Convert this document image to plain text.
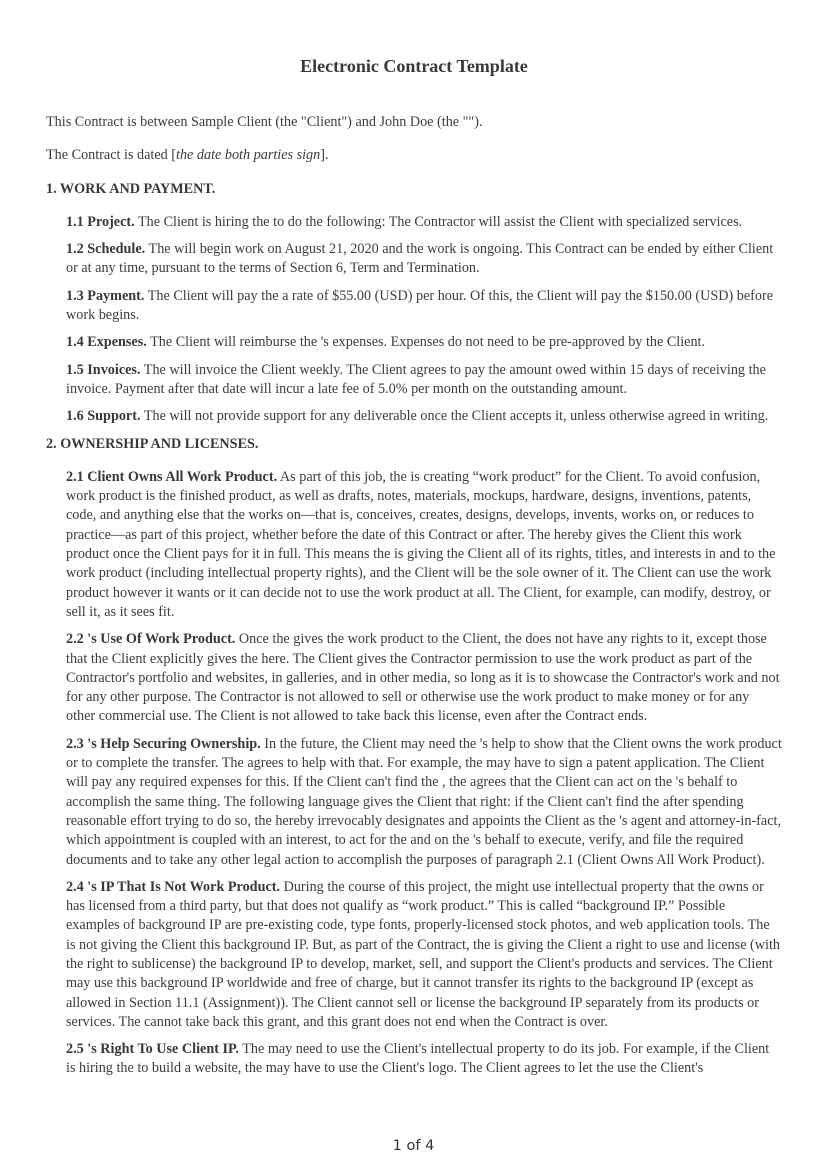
Electronic Contract Template

This Contract is between Sample Client (the "Client") and John Doe (the "").

The Contract is dated [the date both parties sign].

1. WORK AND PAYMENT.

1.1 Project. The Client is hiring the to do the following: The Contractor will assist the Client with specialized services.

1.2 Schedule. The will begin work on August 21, 2020 and the work is ongoing. This Contract can be ended by either Client or at any time, pursuant to the terms of Section 6, Term and Termination.

1.3 Payment. The Client will pay the a rate of $55.00 (USD) per hour. Of this, the Client will pay the $150.00 (USD) before work begins.

1.4 Expenses. The Client will reimburse the 's expenses. Expenses do not need to be pre-approved by the Client.

1.5 Invoices. The will invoice the Client weekly. The Client agrees to pay the amount owed within 15 days of receiving the invoice. Payment after that date will incur a late fee of 5.0% per month on the outstanding amount.

1.6 Support. The will not provide support for any deliverable once the Client accepts it, unless otherwise agreed in writing.

2. OWNERSHIP AND LICENSES.

2.1 Client Owns All Work Product. As part of this job, the is creating “work product” for the Client. To avoid confusion, work product is the finished product, as well as drafts, notes, materials, mockups, hardware, designs, inventions, patents, code, and anything else that the works on—that is, conceives, creates, designs, develops, invents, works on, or reduces to practice—as part of this project, whether before the date of this Contract or after. The hereby gives the Client this work product once the Client pays for it in full. This means the is giving the Client all of its rights, titles, and interests in and to the work product (including intellectual property rights), and the Client will be the sole owner of it. The Client can use the work product however it wants or it can decide not to use the work product at all. The Client, for example, can modify, destroy, or sell it, as it sees fit.

2.2 's Use Of Work Product. Once the gives the work product to the Client, the does not have any rights to it, except those that the Client explicitly gives the here. The Client gives the Contractor permission to use the work product as part of the Contractor's portfolio and websites, in galleries, and in other media, so long as it is to showcase the Contractor's work and not for any other purpose. The Contractor is not allowed to sell or otherwise use the work product to make money or for any other commercial use. The Client is not allowed to take back this license, even after the Contract ends.

2.3 's Help Securing Ownership. In the future, the Client may need the 's help to show that the Client owns the work product or to complete the transfer. The agrees to help with that. For example, the may have to sign a patent application. The Client will pay any required expenses for this. If the Client can't find the , the agrees that the Client can act on the 's behalf to accomplish the same thing. The following language gives the Client that right: if the Client can't find the after spending reasonable effort trying to do so, the hereby irrevocably designates and appoints the Client as the 's agent and attorney-in-fact, which appointment is coupled with an interest, to act for the and on the 's behalf to execute, verify, and file the required documents and to take any other legal action to accomplish the purposes of paragraph 2.1 (Client Owns All Work Product).

2.4 's IP That Is Not Work Product. During the course of this project, the might use intellectual property that the owns or has licensed from a third party, but that does not qualify as “work product.” This is called “background IP.” Possible examples of background IP are pre-existing code, type fonts, properly-licensed stock photos, and web application tools. The is not giving the Client this background IP. But, as part of the Contract, the is giving the Client a right to use and license (with the right to sublicense) the background IP to develop, market, sell, and support the Client's products and services. The Client may use this background IP worldwide and free of charge, but it cannot transfer its rights to the background IP (except as allowed in Section 11.1 (Assignment)). The Client cannot sell or license the background IP separately from its products or services. The cannot take back this grant, and this grant does not end when the Contract is over.

2.5 's Right To Use Client IP. The may need to use the Client's intellectual property to do its job. For example, if the Client is hiring the to build a website, the may have to use the Client's logo. The Client agrees to let the use the Client's

1 of 4
